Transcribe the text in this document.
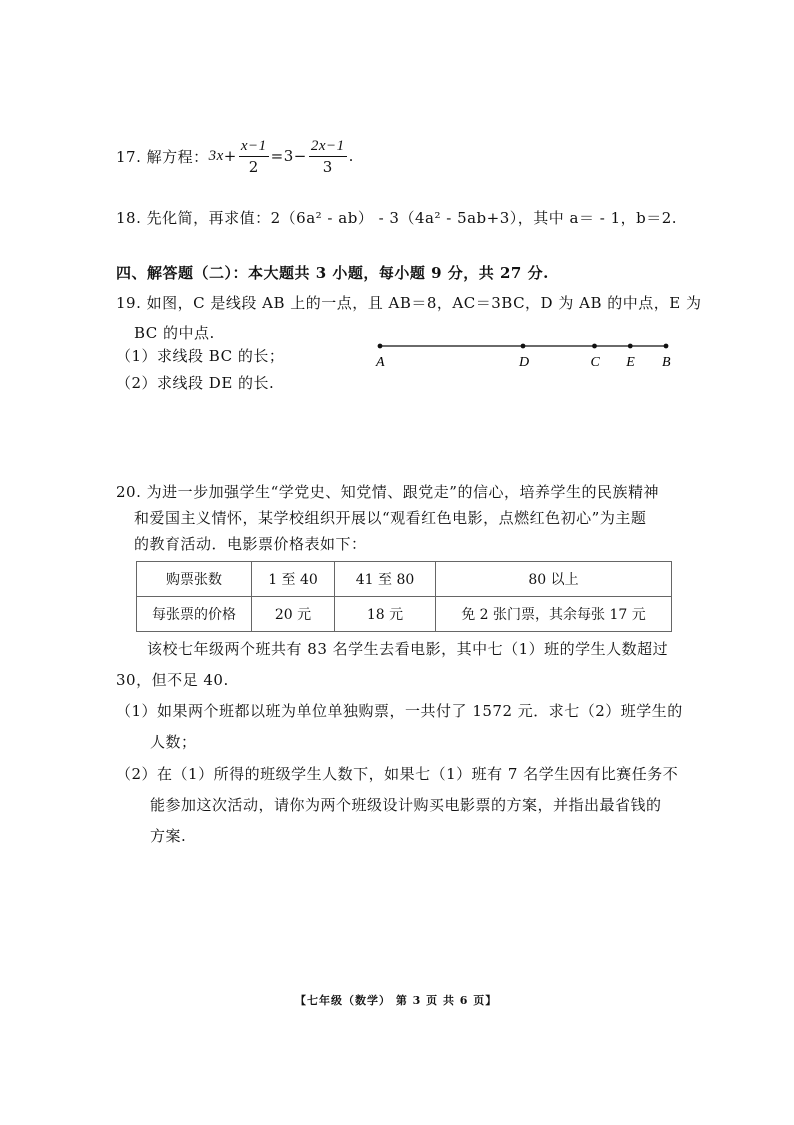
17. 解方程： $3x + \frac{x-1}{2} =3- \frac{2x-1}{3}$ .
18. 先化简，再求值：2（6a² - ab） - 3（4a² - 5ab+3），其中 a＝ - 1，b＝2.
四、解答题（二）：本大题共 3 小题，每小题 9 分，共 27 分.
19. 如图，C 是线段 AB 上的一点，且 AB＝8，AC＝3BC，D 为 AB 的中点，E 为
BC 的中点.
（1）求线段 BC 的长；
（2）求线段 DE 的长.
A	D	C E B
20. 为进一步加强学生“学党史、知党情、跟党走”的信心，培养学生的民族精神
和爱国主义情怀，某学校组织开展以“观看红色电影，点燃红色初心”为主题
的教育活动．电影票价格表如下：
购票张数	1 至 40	41 至 80	80 以上
每张票的价格	20 元	18 元	免 2 张门票，其余每张 17 元
该校七年级两个班共有 83 名学生去看电影，其中七（1）班的学生人数超过
30，但不足 40.
（1）如果两个班都以班为单位单独购票，一共付了 1572 元．求七（2）班学生的
人数；
（2）在（1）所得的班级学生人数下，如果七（1）班有 7 名学生因有比赛任务不
能参加这次活动，请你为两个班级设计购买电影票的方案，并指出最省钱的
方案.
【七年级（数学） 第 3 页 共 6 页】
